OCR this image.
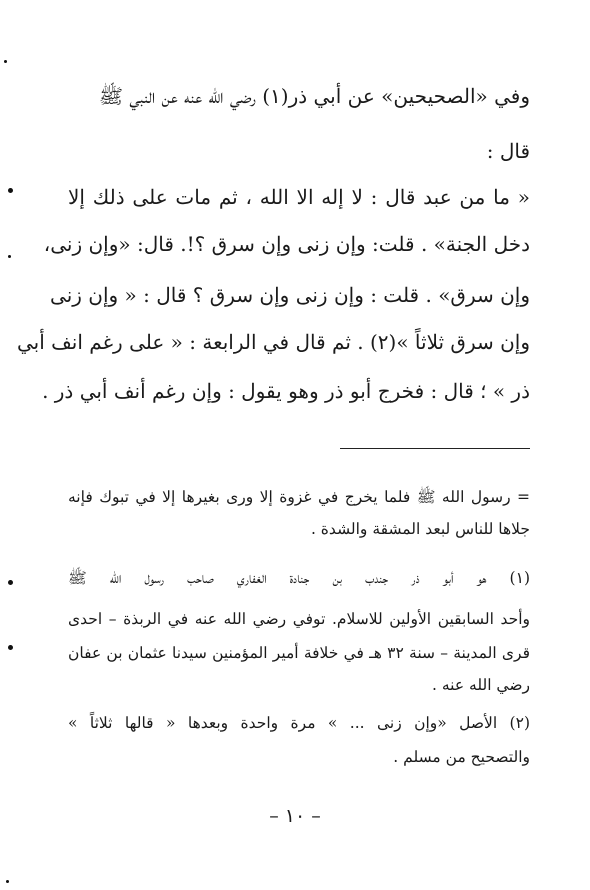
وفي «الصحيحين» عن أبي ذر(١) رضي الله عنه عن النبي ﷺ
قال :
« ما من عبد قال : لا إله الا الله ، ثم مات على ذلك إلا
دخل الجنة» . قلت: وإن زنى وإن سرق ؟!. قال: «وإن زنى،
وإن سرق» . قلت : وإن زنى وإن سرق ؟ قال : « وإن زنى
وإن سرق ثلاثاً »(٢) . ثم قال في الرابعة : « على رغم انف أبي
ذر » ؛ قال : فخرج أبو ذر وهو يقول : وإن رغم أنف أبي ذر .
= رسول الله ﷺ فلما يخرج في غزوة إلا ورى بغيرها إلا في تبوك فإنه
جلاها للناس لبعد المشقة والشدة .
(١) هو أبو ذر جندب بن جنادة الغفاري صاحب رسول الله ﷺ
وأحد السابقين الأولين للاسلام. توفي رضي الله عنه في الربذة – احدى
قرى المدينة – سنة ٣٢ هـ في خلافة أمير المؤمنين سيدنا عثمان بن عفان
رضي الله عنه .
(٢) الأصل «وإن زنى ... » مرة واحدة وبعدها « قالها ثلاثاً »
والتصحيح من مسلم .
– ١٠ –
